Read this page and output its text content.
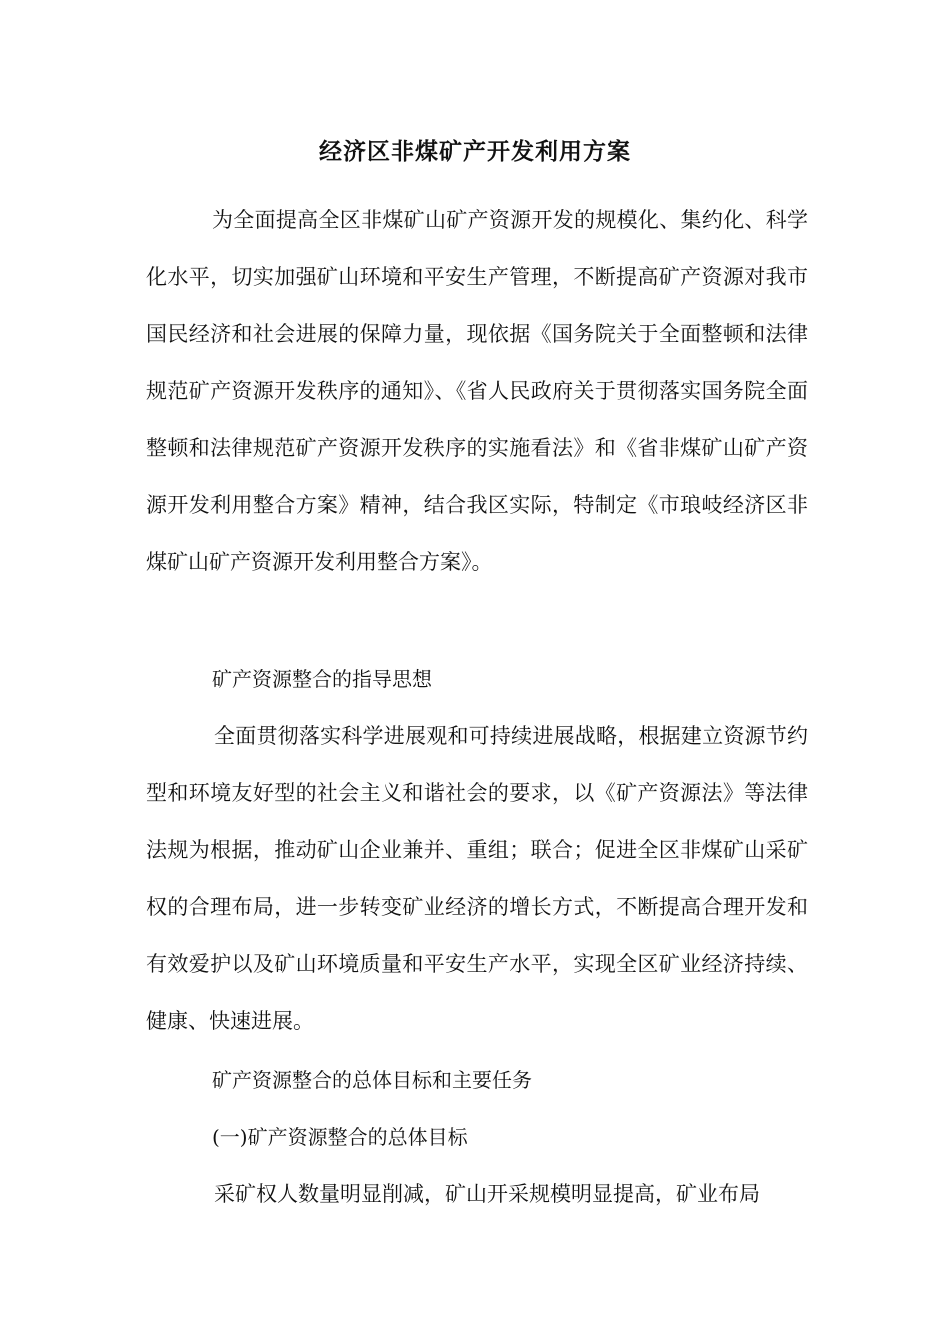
经济区非煤矿产开发利用方案

为全面提高全区非煤矿山矿产资源开发的规模化、集约化、科学化水平，切实加强矿山环境和平安生产管理，不断提高矿产资源对我市国民经济和社会进展的保障力量，现依据《国务院关于全面整顿和法律规范矿产资源开发秩序的通知》、《省人民政府关于贯彻落实国务院全面整顿和法律规范矿产资源开发秩序的实施看法》和《省非煤矿山矿产资源开发利用整合方案》精神，结合我区实际，特制定《市琅岐经济区非煤矿山矿产资源开发利用整合方案》。

矿产资源整合的指导思想

全面贯彻落实科学进展观和可持续进展战略，根据建立资源节约型和环境友好型的社会主义和谐社会的要求，以《矿产资源法》等法律法规为根据，推动矿山企业兼并、重组；联合；促进全区非煤矿山采矿权的合理布局，进一步转变矿业经济的增长方式，不断提高合理开发和有效爱护以及矿山环境质量和平安生产水平，实现全区矿业经济持续、健康、快速进展。

矿产资源整合的总体目标和主要任务

(一)矿产资源整合的总体目标

采矿权人数量明显削减，矿山开采规模明显提高，矿业布局
